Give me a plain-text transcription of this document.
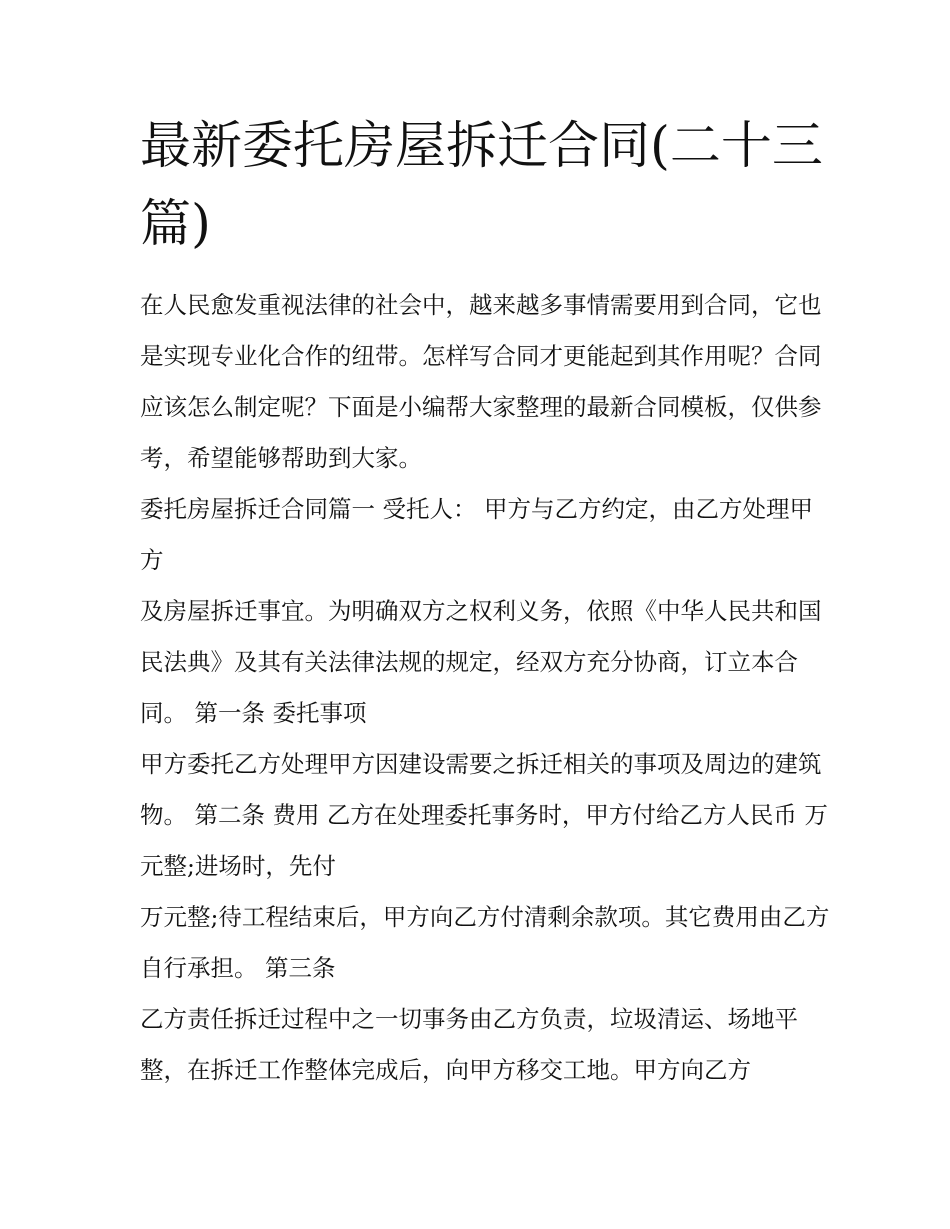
最新委托房屋拆迁合同(二十三篇)

在人民愈发重视法律的社会中，越来越多事情需要用到合同，它也是实现专业化合作的纽带。怎样写合同才更能起到其作用呢？合同应该怎么制定呢？下面是小编帮大家整理的最新合同模板，仅供参考，希望能够帮助到大家。

委托房屋拆迁合同篇一 受托人： 甲方与乙方约定，由乙方处理甲方

及房屋拆迁事宜。为明确双方之权利义务，依照《中华人民共和国民法典》及其有关法律法规的规定，经双方充分协商，订立本合同。 第一条 委托事项

甲方委托乙方处理甲方因建设需要之拆迁相关的事项及周边的建筑物。 第二条 费用 乙方在处理委托事务时，甲方付给乙方人民币 万元整;进场时，先付

万元整;待工程结束后，甲方向乙方付清剩余款项。其它费用由乙方自行承担。 第三条

乙方责任拆迁过程中之一切事务由乙方负责，垃圾清运、场地平整，在拆迁工作整体完成后，向甲方移交工地。甲方向乙方
